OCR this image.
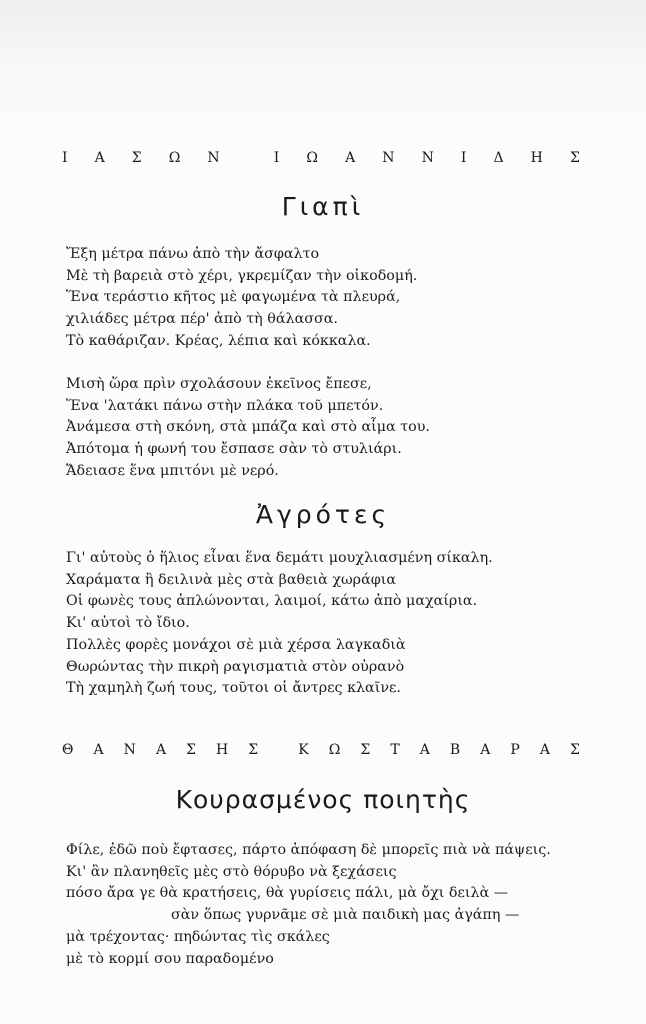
Ι Α Σ Ω Ν	Ι Ω Α Ν Ν Ι Δ Η Σ
Γιαπὶ
Ἔξη μέτρα πάνω ἀπὸ τὴν ἄσφαλτο
Μὲ τὴ βαρειὰ στὸ χέρι, γκρεμίζαν τὴν οἰκοδομή.
Ἕνα τεράστιο κῆτος μὲ φαγωμένα τὰ πλευρά,
χιλιάδες μέτρα πέρ' ἀπὸ τὴ θάλασσα.
Τὸ καθάριζαν. Κρέας, λέπια καὶ κόκκαλα.
Μισὴ ὥρα πρὶν σχολάσουν ἐκεῖνος ἔπεσε,
Ἕνα 'λατάκι πάνω στὴν πλάκα τοῦ μπετόν.
Ἀνάμεσα στὴ σκόνη, στὰ μπάζα καὶ στὸ αἷμα του.
Ἀπότομα ἡ φωνή του ἔσπασε σὰν τὸ στυλιάρι.
Ἄδειασε ἕνα μπιτόνι μὲ νερό.
Ἀγρότες
Γι' αὐτοὺς ὁ ἥλιος εἶναι ἕνα δεμάτι μουχλιασμένη σίκαλη.
Χαράματα ἢ δειλινὰ μὲς στὰ βαθειὰ χωράφια
Οἱ φωνὲς τους ἁπλώνονται, λαιμοί, κάτω ἀπὸ μαχαίρια.
Κι' αὐτοὶ τὸ ἴδιο.
Πολλὲς φορὲς μονάχοι σὲ μιὰ χέρσα λαγκαδιὰ
Θωρώντας τὴν πικρὴ ραγισματιὰ στὸν οὐρανὸ
Τὴ χαμηλὴ ζωή τους, τοῦτοι οἱ ἄντρες κλαῖνε.
Θ Α Ν Α Σ Η Σ	Κ Ω Σ Τ Α Β Α Ρ Α Σ
Κουρασμένος ποιητὴς
Φίλε, ἐδῶ ποὺ ἔφτασες, πάρτο ἀπόφαση δὲ μπορεῖς πιὰ νὰ πάψεις.
Κι' ἂν πλανηθεῖς μὲς στὸ θόρυβο νὰ ξεχάσεις
πόσο ἄρα γε θὰ κρατήσεις, θὰ γυρίσεις πάλι, μὰ ὄχι δειλὰ —
σὰν ὅπως γυρνᾶμε σὲ μιὰ παιδικὴ μας ἀγάπη —
μὰ τρέχοντας· πηδώντας τὶς σκάλες
μὲ τὸ κορμί σου παραδομένο
